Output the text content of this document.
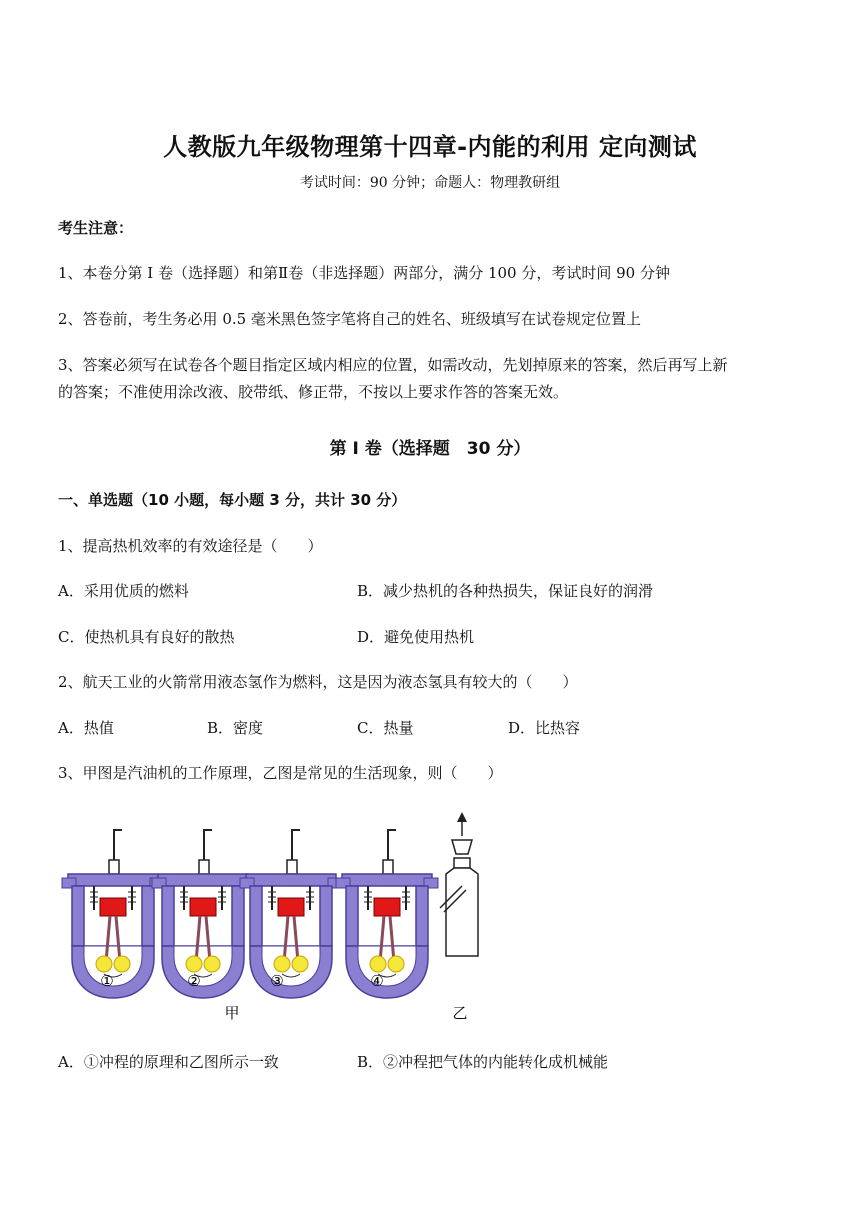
人教版九年级物理第十四章-内能的利用 定向测试
考试时间：90 分钟；命题人：物理教研组
考生注意：
1、本卷分第 I 卷（选择题）和第Ⅱ卷（非选择题）两部分，满分 100 分，考试时间 90 分钟
2、答卷前，考生务必用 0.5 毫米黑色签字笔将自己的姓名、班级填写在试卷规定位置上
3、答案必须写在试卷各个题目指定区域内相应的位置，如需改动，先划掉原来的答案，然后再写上新
的答案；不准使用涂改液、胶带纸、修正带，不按以上要求作答的答案无效。
第 I 卷（选择题　30 分）
一、单选题（10 小题，每小题 3 分，共计 30 分）
1、提高热机效率的有效途径是（　　）
A．采用优质的燃料	B．减少热机的各种热损失，保证良好的润滑
C．使热机具有良好的散热	D．避免使用热机
2、航天工业的火箭常用液态氢作为燃料，这是因为液态氢具有较大的（　　）
A．热值	B．密度	C．热量	D．比热容
3、甲图是汽油机的工作原理，乙图是常见的生活现象，则（　　）
①	②	③	④
甲	乙
A．①冲程的原理和乙图所示一致	B．②冲程把气体的内能转化成机械能
